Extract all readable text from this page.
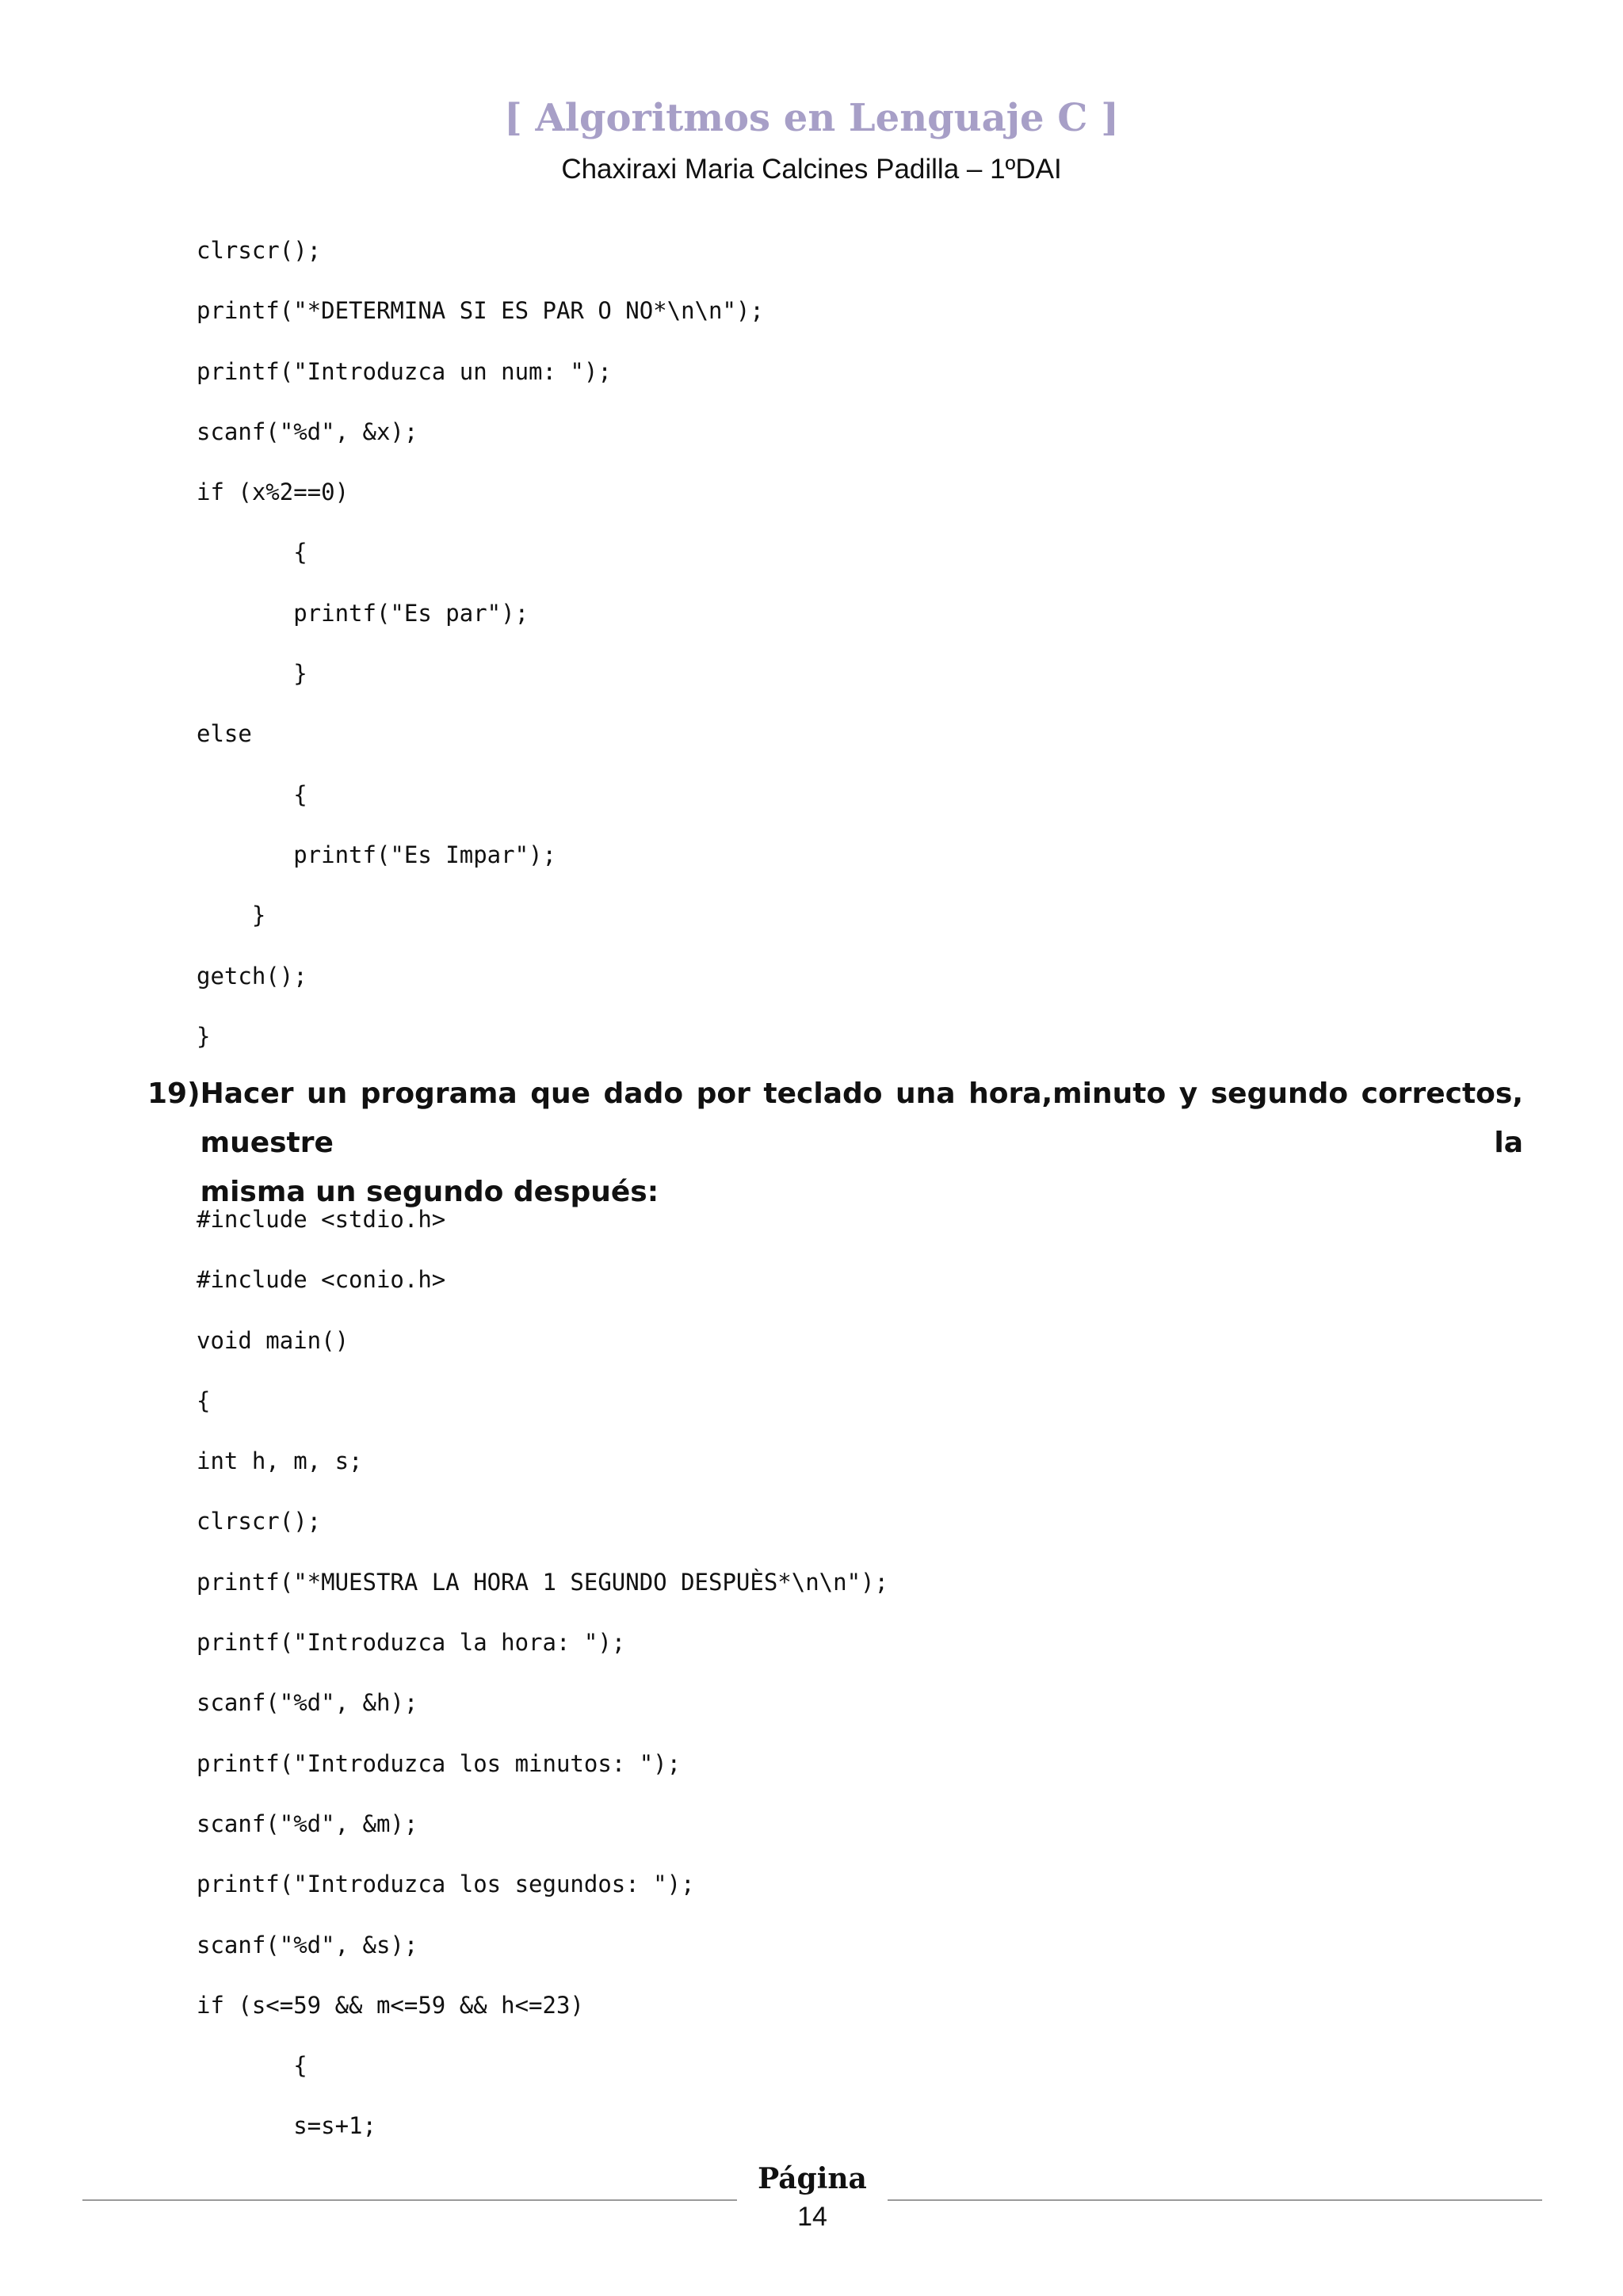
[ Algoritmos en Lenguaje C ]
Chaxiraxi Maria Calcines Padilla – 1ºDAI
clrscr();
printf("*DETERMINA SI ES PAR O NO*\n\n");
printf("Introduzca un num: ");
scanf("%d", &x);
if (x%2==0)
{
printf("Es par");
}
else
{
printf("Es Impar");
}
getch();
}
19) Hacer un programa que dado por teclado una hora,minuto y segundo correctos, muestre la
misma un segundo después:
#include <stdio.h>
#include <conio.h>
void main()
{
int h, m, s;
clrscr();
printf("*MUESTRA LA HORA 1 SEGUNDO DESPUÈS*\n\n");
printf("Introduzca la hora: ");
scanf("%d", &h);
printf("Introduzca los minutos: ");
scanf("%d", &m);
printf("Introduzca los segundos: ");
scanf("%d", &s);
if (s<=59 && m<=59 && h<=23)
{
s=s+1;
Página
14
